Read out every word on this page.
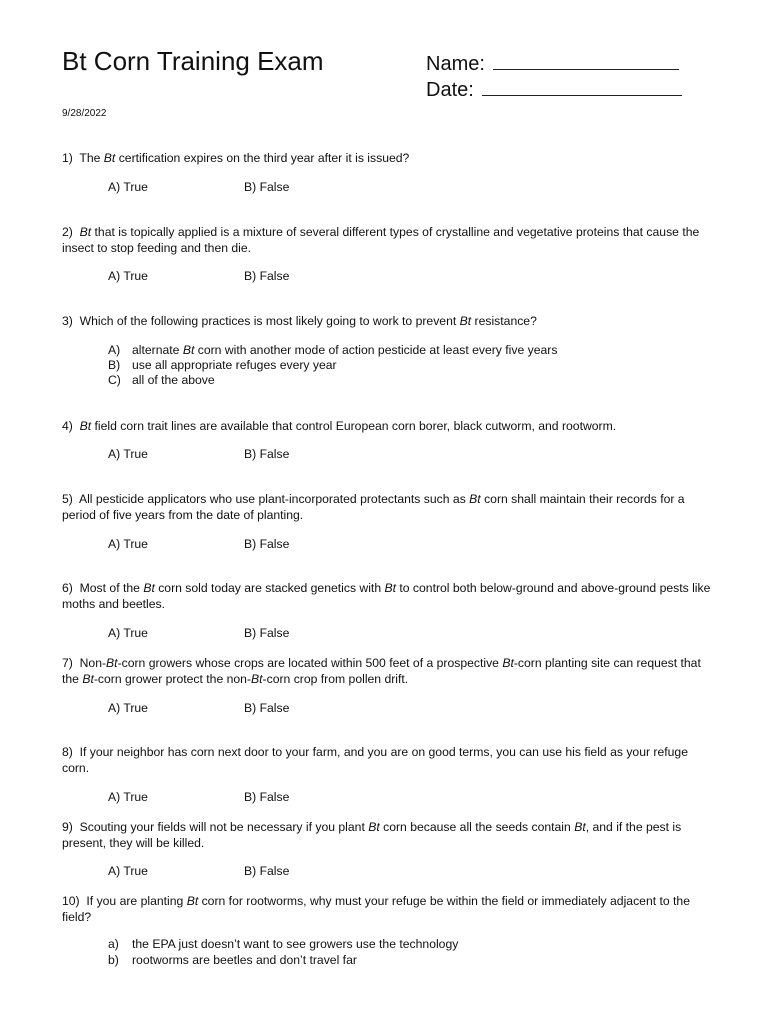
Bt Corn Training Exam	Name:
Date:
9/28/2022
1) The Bt certification expires on the third year after it is issued?
A) True	B) False
2) Bt that is topically applied is a mixture of several different types of crystalline and vegetative proteins that cause the insect to stop feeding and then die.
A) True	B) False
3) Which of the following practices is most likely going to work to prevent Bt resistance?
A) alternate Bt corn with another mode of action pesticide at least every five years
B) use all appropriate refuges every year
C) all of the above
4) Bt field corn trait lines are available that control European corn borer, black cutworm, and rootworm.
A) True	B) False
5) All pesticide applicators who use plant-incorporated protectants such as Bt corn shall maintain their records for a period of five years from the date of planting.
A) True	B) False
6) Most of the Bt corn sold today are stacked genetics with Bt to control both below-ground and above-ground pests like moths and beetles.
A) True	B) False
7) Non-Bt-corn growers whose crops are located within 500 feet of a prospective Bt-corn planting site can request that the Bt-corn grower protect the non-Bt-corn crop from pollen drift.
A) True	B) False
8) If your neighbor has corn next door to your farm, and you are on good terms, you can use his field as your refuge corn.
A) True	B) False
9)  Scouting your fields will not be necessary if you plant Bt corn because all the seeds contain Bt, and if the pest is present, they will be killed.
A) True	B) False
10) If you are planting Bt corn for rootworms, why must your refuge be within the field or immediately adjacent to the field?
a) the EPA just doesn’t want to see growers use the technology
b) rootworms are beetles and don’t travel far
